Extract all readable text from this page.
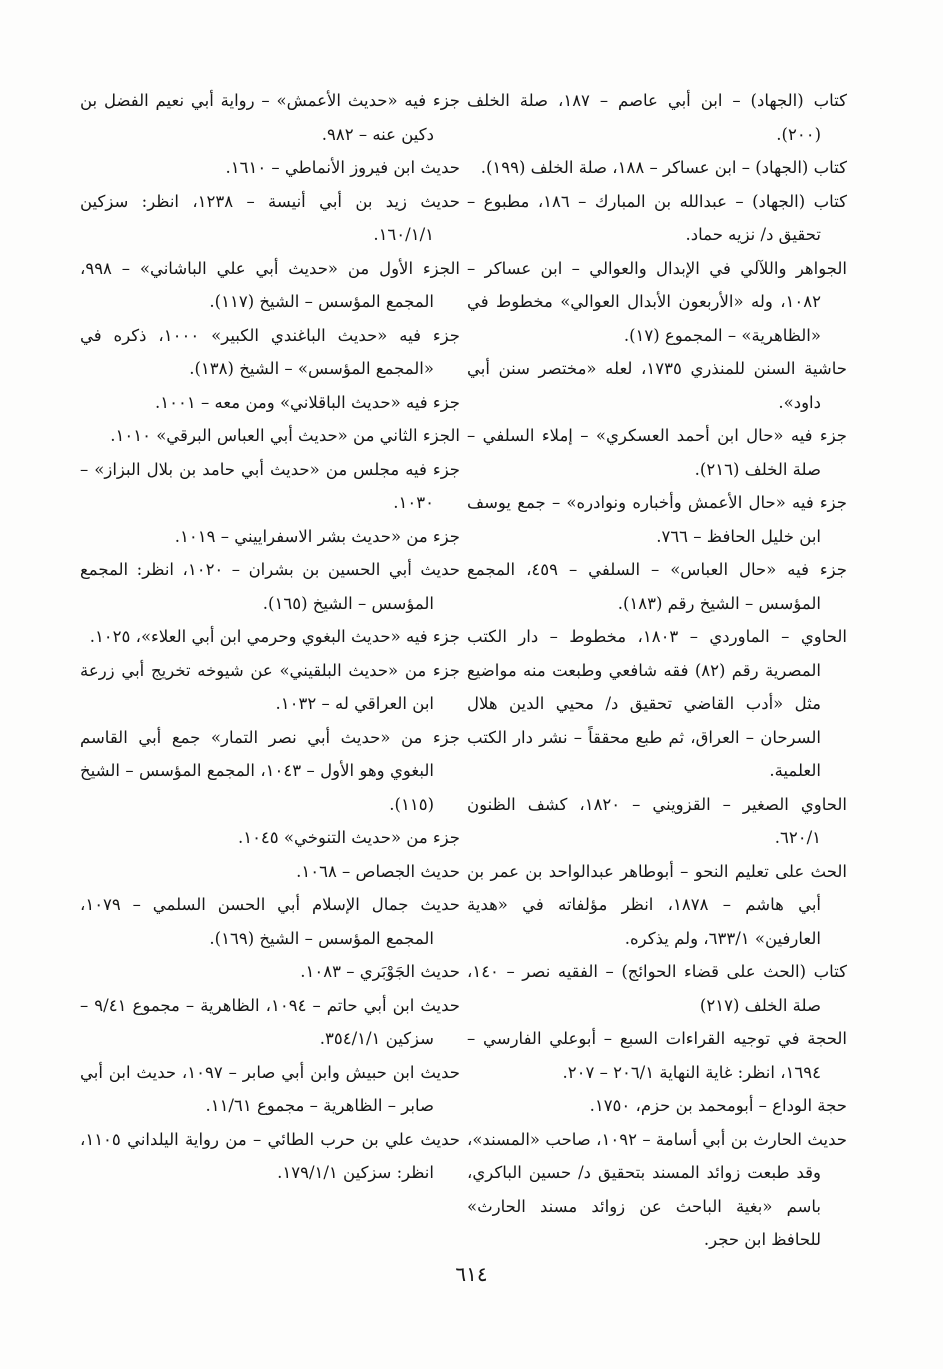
كتاب (الجهاد) – ابن أبي عاصم – ١٨٧، صلة الخلف (٢٠٠).

كتاب (الجهاد) – ابن عساكر – ١٨٨، صلة الخلف (١٩٩).

كتاب (الجهاد) – عبدالله بن المبارك – ١٨٦، مطبوع – تحقيق د/ نزيه حماد.

الجواهر واللآلي في الإبدال والعوالي – ابن عساكر – ١٠٨٢، وله «الأربعون الأبدال العوالي» مخطوط في «الظاهرية» – المجموع (١٧).

حاشية السنن للمنذري ١٧٣٥، لعله «مختصر سنن أبي داود».

جزء فيه «حال ابن أحمد العسكري» – إملاء السلفي – صلة الخلف (٢١٦).

جزء فيه «حال الأعمش وأخباره ونوادره» – جمع يوسف ابن خليل الحافظ – ٧٦٦.

جزء فيه «حال العباس» – السلفي – ٤٥٩، المجمع المؤسس – الشيخ رقم (١٨٣).

الحاوي – الماوردي – ١٨٠٣، مخطوط – دار الكتب المصرية رقم (٨٢) فقه شافعي وطبعت منه مواضيع مثل «أدب القاضي تحقيق د/ محيي الدين هلال السرحان – العراق، ثم طبع محققاً – نشر دار الكتب العلمية.

الحاوي الصغير – القزويني – ١٨٢٠، كشف الظنون ٦٢٠/١.

الحث على تعليم النحو – أبوطاهر عبدالواحد بن عمر بن أبي هاشم – ١٨٧٨، انظر مؤلفاته في «هدية العارفين» ٦٣٣/١، ولم يذكره.

كتاب (الحث على قضاء الحوائج) – الفقيه نصر – ١٤٠، صلة الخلف (٢١٧)

الحجة في توجيه القراءات السبع – أبوعلي الفارسي – ١٦٩٤، انظر: غاية النهاية ٢٠٦/١ – ٢٠٧.

حجة الوداع – أبومحمد بن حزم، ١٧٥٠.

حديث الحارث بن أبي أسامة – ١٠٩٢، صاحب «المسند»، وقد طبعت زوائد المسند بتحقيق د/ حسين الباكري، باسم «بغية الباحث عن زوائد مسند الحارث» للحافظ ابن حجر.

جزء فيه «حديث الأعمش» – رواية أبي نعيم الفضل بن دكين عنه – ٩٨٢.

حديث ابن فيروز الأنماطي – ١٦١٠.

حديث زيد بن أبي أنيسة – ١٢٣٨، انظر: سزكين ١٦٠/١/١.

الجزء الأول من «حديث أبي علي الباشاني» – ٩٩٨، المجمع المؤسس – الشيخ (١١٧).

جزء فيه «حديث الباغندي الكبير» ١٠٠٠، ذكره في «المجمع المؤسس» – الشيخ (١٣٨).

جزء فيه «حديث الباقلاني» ومن معه – ١٠٠١.

الجزء الثاني من «حديث أبي العباس البرقي» ١٠١٠.

جزء فيه مجلس من «حديث أبي حامد بن بلال البزاز» – ١٠٣٠.

جزء من «حديث بشر الاسفراييني – ١٠١٩.

حديث أبي الحسين بن بشران – ١٠٢٠، انظر: المجمع المؤسس – الشيخ (١٦٥).

جزء فيه «حديث البغوي وحرمي ابن أبي العلاء»، ١٠٢٥.

جزء من «حديث البلقيني» عن شيوخه تخريج أبي زرعة ابن العراقي له – ١٠٣٢.

جزء من «حديث أبي نصر التمار» جمع أبي القاسم البغوي وهو الأول – ١٠٤٣، المجمع المؤسس – الشيخ (١١٥).

جزء من «حديث التنوخي» ١٠٤٥.

حديث الجصاص – ١٠٦٨.

حديث جمال الإسلام أبي الحسن السلمي – ١٠٧٩، المجمع المؤسس – الشيخ (١٦٩).

حديث الجَوْبَري – ١٠٨٣.

حديث ابن أبي حاتم – ١٠٩٤، الظاهرية – مجموع ٩/٤١ – سزكين ٣٥٤/١/١.

حديث ابن حبيش وابن أبي صابر – ١٠٩٧، حديث ابن أبي صابر – الظاهرية – مجموع ١١/٦١.

حديث علي بن حرب الطائي – من رواية اليلداني ١١٠٥، انظر: سزكين ١٧٩/١/١.

٦١٤
